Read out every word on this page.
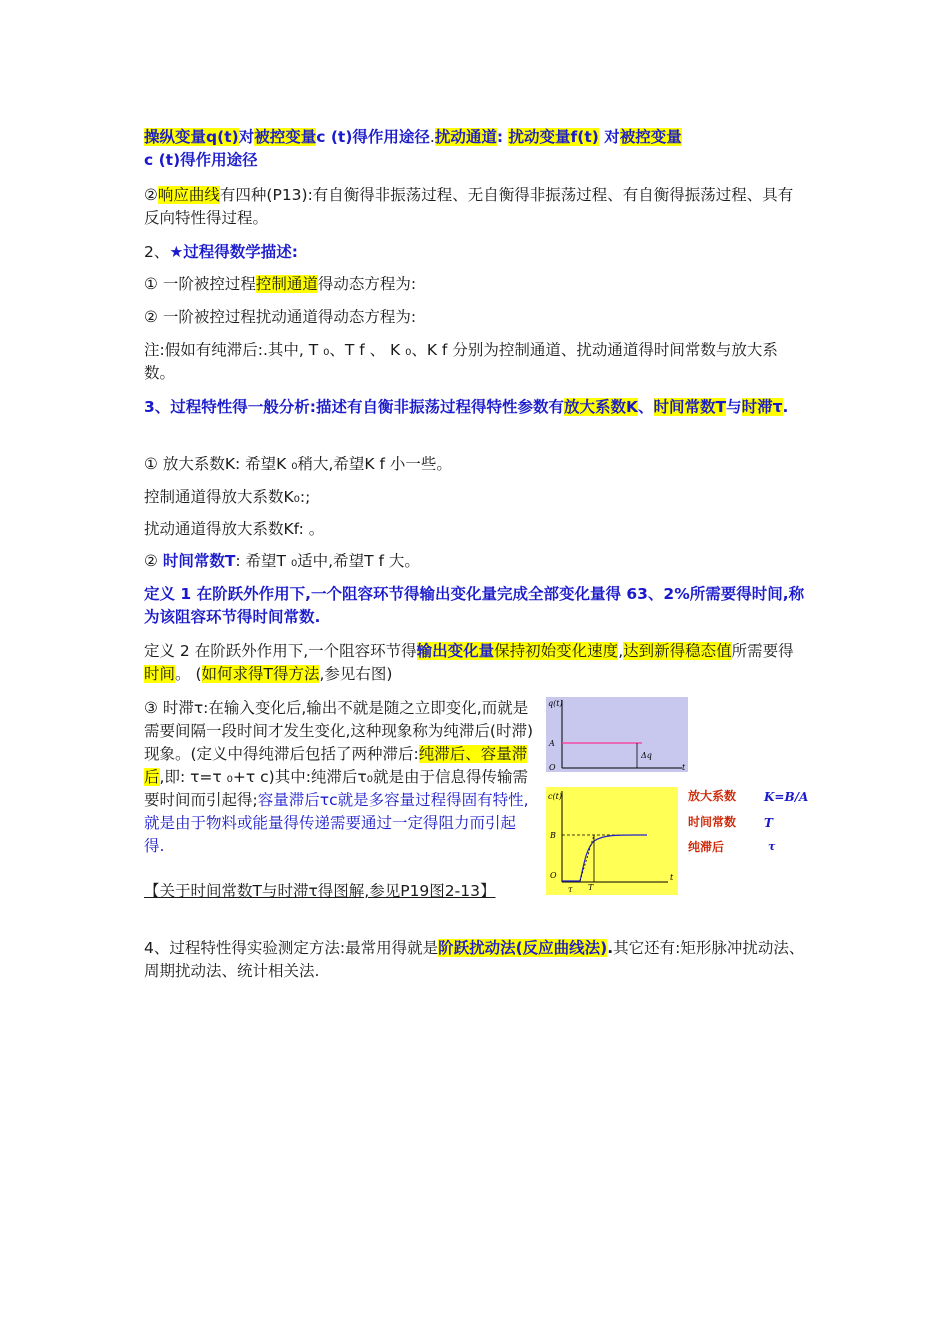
操纵变量q(t)对被控变量c (t)得作用途径.扰动通道: 扰动变量f(t) 对被控变量
c (t)得作用途径

②响应曲线有四种(P13):有自衡得非振荡过程、无自衡得非振荡过程、有自衡得振荡过程、具有反向特性得过程。

2、★过程得数学描述:

① 一阶被控过程控制通道得动态方程为:

② 一阶被控过程扰动通道得动态方程为:

注:假如有纯滞后:.其中, T ₀、T f 、 K ₀、K f 分别为控制通道、扰动通道得时间常数与放大系数。

3、过程特性得一般分析:描述有自衡非振荡过程得特性参数有放大系数K、时间常数T与时滞τ.

① 放大系数K: 希望K ₀稍大,希望K f 小一些。

控制通道得放大系数K₀:;

扰动通道得放大系数Kf: 。

② 时间常数T: 希望T ₀适中,希望T f 大。

定义 1 在阶跃外作用下,一个阻容环节得输出变化量完成全部变化量得 63、2%所需要得时间,称为该阻容环节得时间常数.

定义 2 在阶跃外作用下,一个阻容环节得输出变化量保持初始变化速度,达到新得稳态值所需要得时间。 (如何求得T得方法,参见右图)

③ 时滞τ:在输入变化后,输出不就是随之立即变化,而就是需要间隔一段时间才发生变化,这种现象称为纯滞后(时滞)现象。(定义中得纯滞后包括了两种滞后:纯滞后、容量滞后,即: τ=τ ₀+τ c)其中:纯滞后τ₀就是由于信息得传输需要时间而引起得;容量滞后τc就是多容量过程得固有特性,就是由于物料或能量得传递需要通过一定得阻力而引起得.

【关于时间常数T与时滞τ得图解,参见P19图2-13】

4、过程特性得实验测定方法:最常用得就是阶跃扰动法(反应曲线法).其它还有:矩形脉冲扰动法、周期扰动法、统计相关法.

q(t)
A
O	t
Δq
c(t)
B
O	t
τ T
放大系数 K=B/A
时间常数 T
纯滞后	τ
